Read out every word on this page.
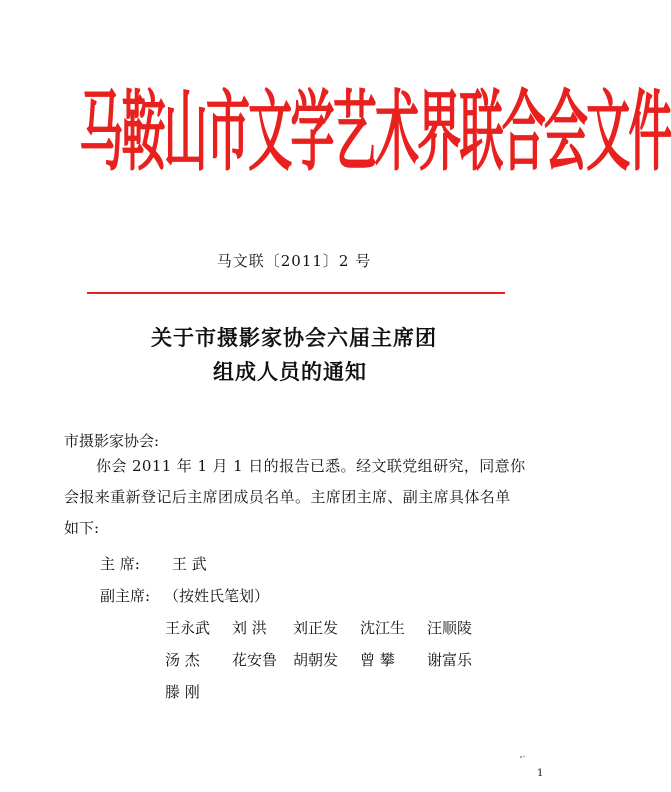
马鞍山市文学艺术界联合会文件
马文联〔2011〕2 号
关于市摄影家协会六届主席团
组成人员的通知
市摄影家协会:
你会 2011 年 1 月 1 日的报告已悉。经文联党组研究，同意你
会报来重新登记后主席团成员名单。主席团主席、副主席具体名单
如下:
主 席: 王 武
副主席: （按姓氏笔划）
王永武 刘 洪 刘正发 沈江生 汪顺陵
汤 杰 花安鲁 胡朝发 曾 攀 谢富乐
滕 刚
1
